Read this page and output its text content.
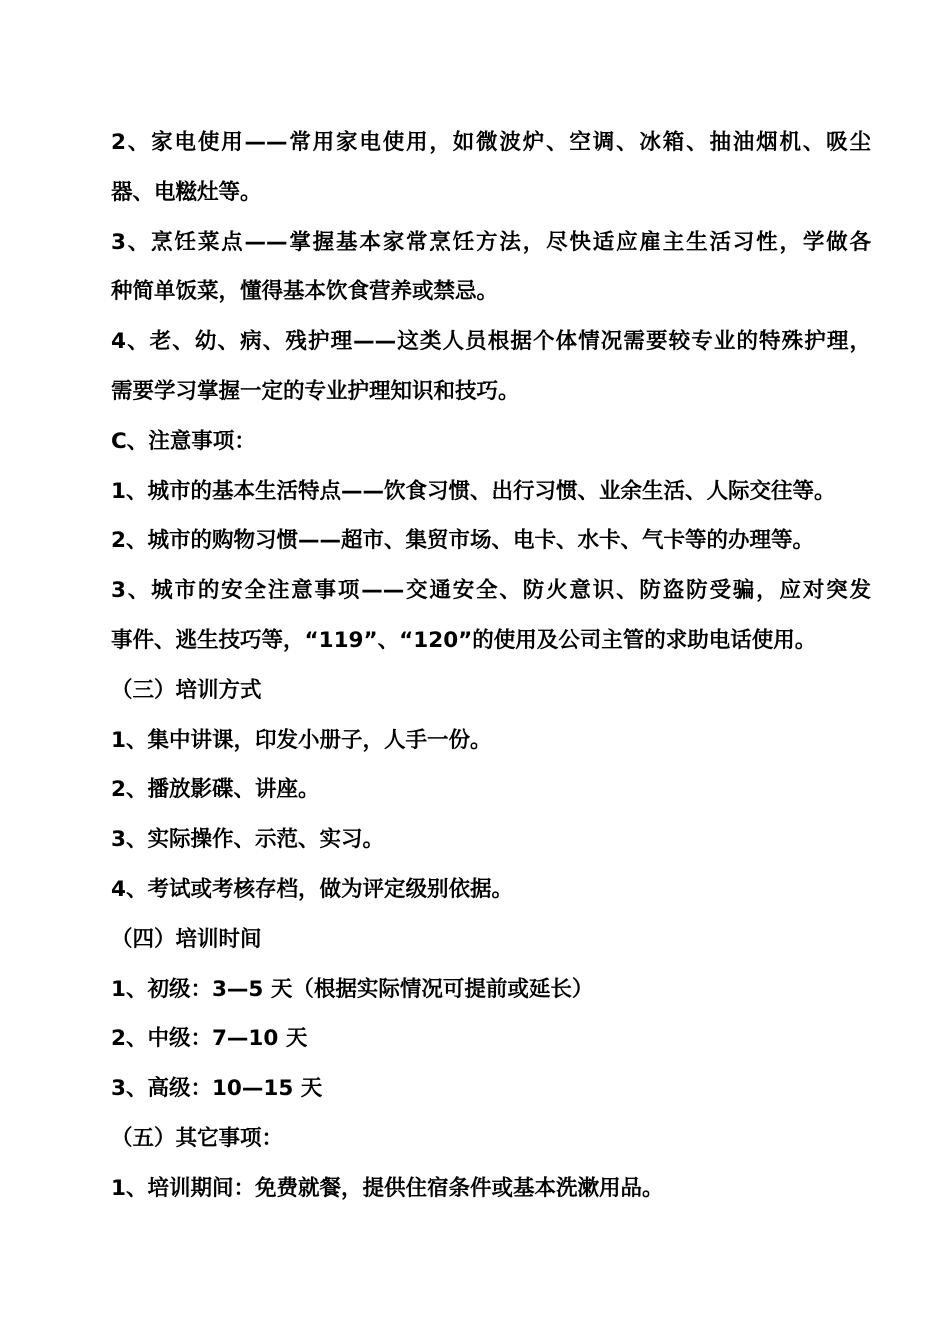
2、家电使用——常用家电使用，如微波炉、空调、冰箱、抽油烟机、吸尘
器、电糍灶等。
3、烹饪菜点——掌握基本家常烹饪方法，尽快适应雇主生活习性，学做各
种简单饭菜，懂得基本饮食营养或禁忌。
4、老、幼、病、残护理——这类人员根据个体情况需要较专业的特殊护理，
需要学习掌握一定的专业护理知识和技巧。
C、注意事项：
1、城市的基本生活特点——饮食习惯、出行习惯、业余生活、人际交往等。
2、城市的购物习惯——超市、集贸市场、电卡、水卡、气卡等的办理等。
3、城市的安全注意事项——交通安全、防火意识、防盗防受骗，应对突发
事件、逃生技巧等，“119”、“120”的使用及公司主管的求助电话使用。
（三）培训方式
1、集中讲课，印发小册子，人手一份。
2、播放影碟、讲座。
3、实际操作、示范、实习。
4、考试或考核存档，做为评定级别依据。
（四）培训时间
1、初级：3—5 天（根据实际情况可提前或延长）
2、中级：7—10 天
3、高级：10—15 天
（五）其它事项：
1、培训期间：免费就餐，提供住宿条件或基本洗漱用品。
